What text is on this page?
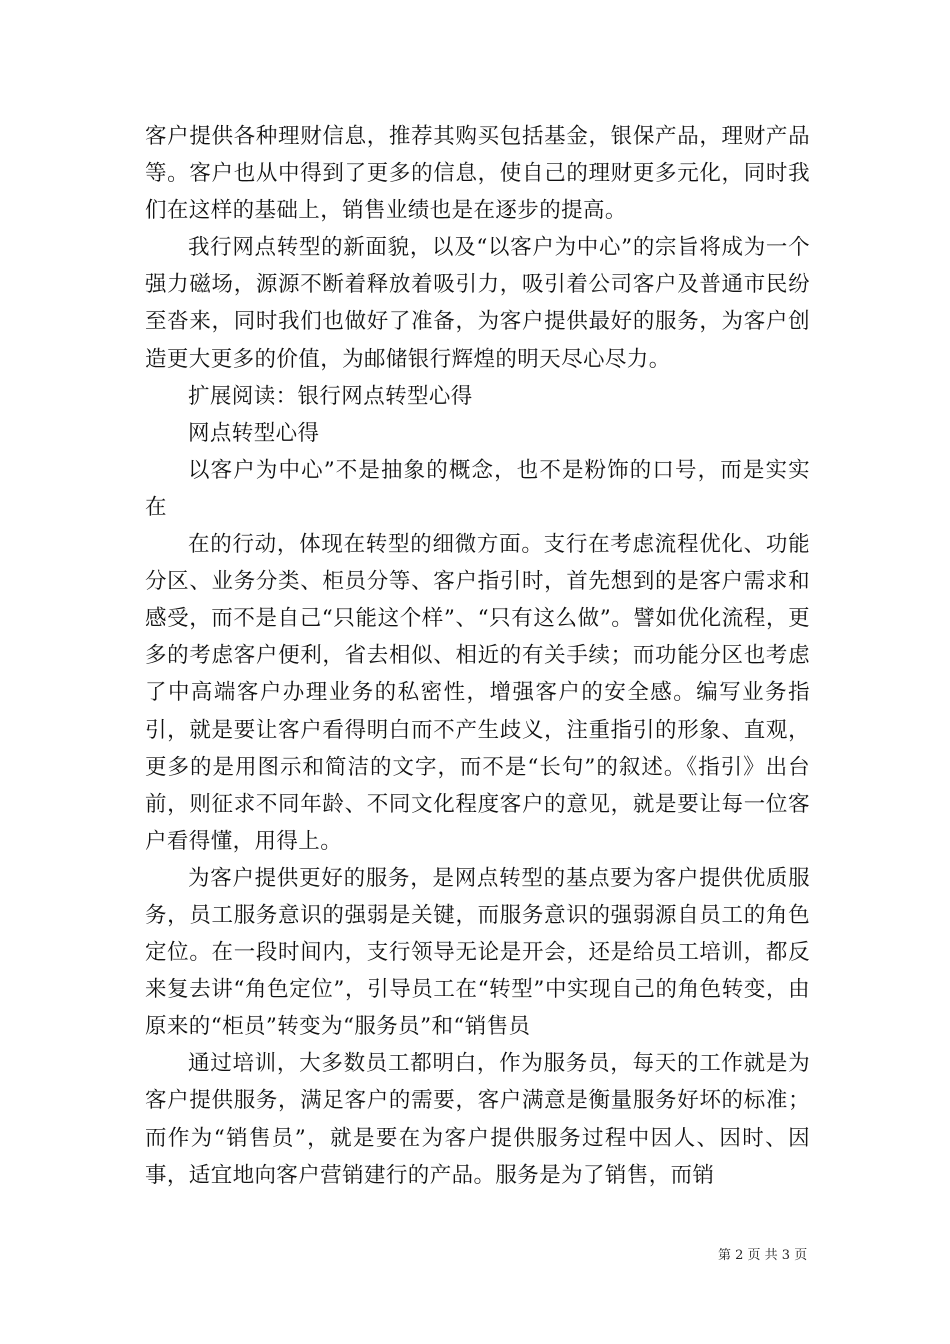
客户提供各种理财信息，推荐其购买包括基金，银保产品，理财产品等。客户也从中得到了更多的信息，使自己的理财更多元化，同时我们在这样的基础上，销售业绩也是在逐步的提高。

我行网点转型的新面貌，以及“以客户为中心”的宗旨将成为一个强力磁场，源源不断着释放着吸引力，吸引着公司客户及普通市民纷至沓来，同时我们也做好了准备，为客户提供最好的服务，为客户创造更大更多的价值，为邮储银行辉煌的明天尽心尽力。

扩展阅读：银行网点转型心得

网点转型心得

以客户为中心”不是抽象的概念，也不是粉饰的口号，而是实实在

在的行动，体现在转型的细微方面。支行在考虑流程优化、功能分区、业务分类、柜员分等、客户指引时，首先想到的是客户需求和感受，而不是自己“只能这个样”、“只有这么做”。譬如优化流程，更多的考虑客户便利，省去相似、相近的有关手续；而功能分区也考虑了中高端客户办理业务的私密性，增强客户的安全感。编写业务指引，就是要让客户看得明白而不产生歧义，注重指引的形象、直观，更多的是用图示和简洁的文字，而不是“长句”的叙述。《指引》出台前，则征求不同年龄、不同文化程度客户的意见，就是要让每一位客户看得懂，用得上。

为客户提供更好的服务，是网点转型的基点要为客户提供优质服务，员工服务意识的强弱是关键，而服务意识的强弱源自员工的角色定位。在一段时间内，支行领导无论是开会，还是给员工培训，都反来复去讲“角色定位”，引导员工在“转型”中实现自己的角色转变，由原来的“柜员”转变为“服务员”和“销售员

通过培训，大多数员工都明白，作为服务员，每天的工作就是为客户提供服务，满足客户的需要，客户满意是衡量服务好坏的标准；而作为“销售员”，就是要在为客户提供服务过程中因人、因时、因事，适宜地向客户营销建行的产品。服务是为了销售，而销

第 2 页 共 3 页
